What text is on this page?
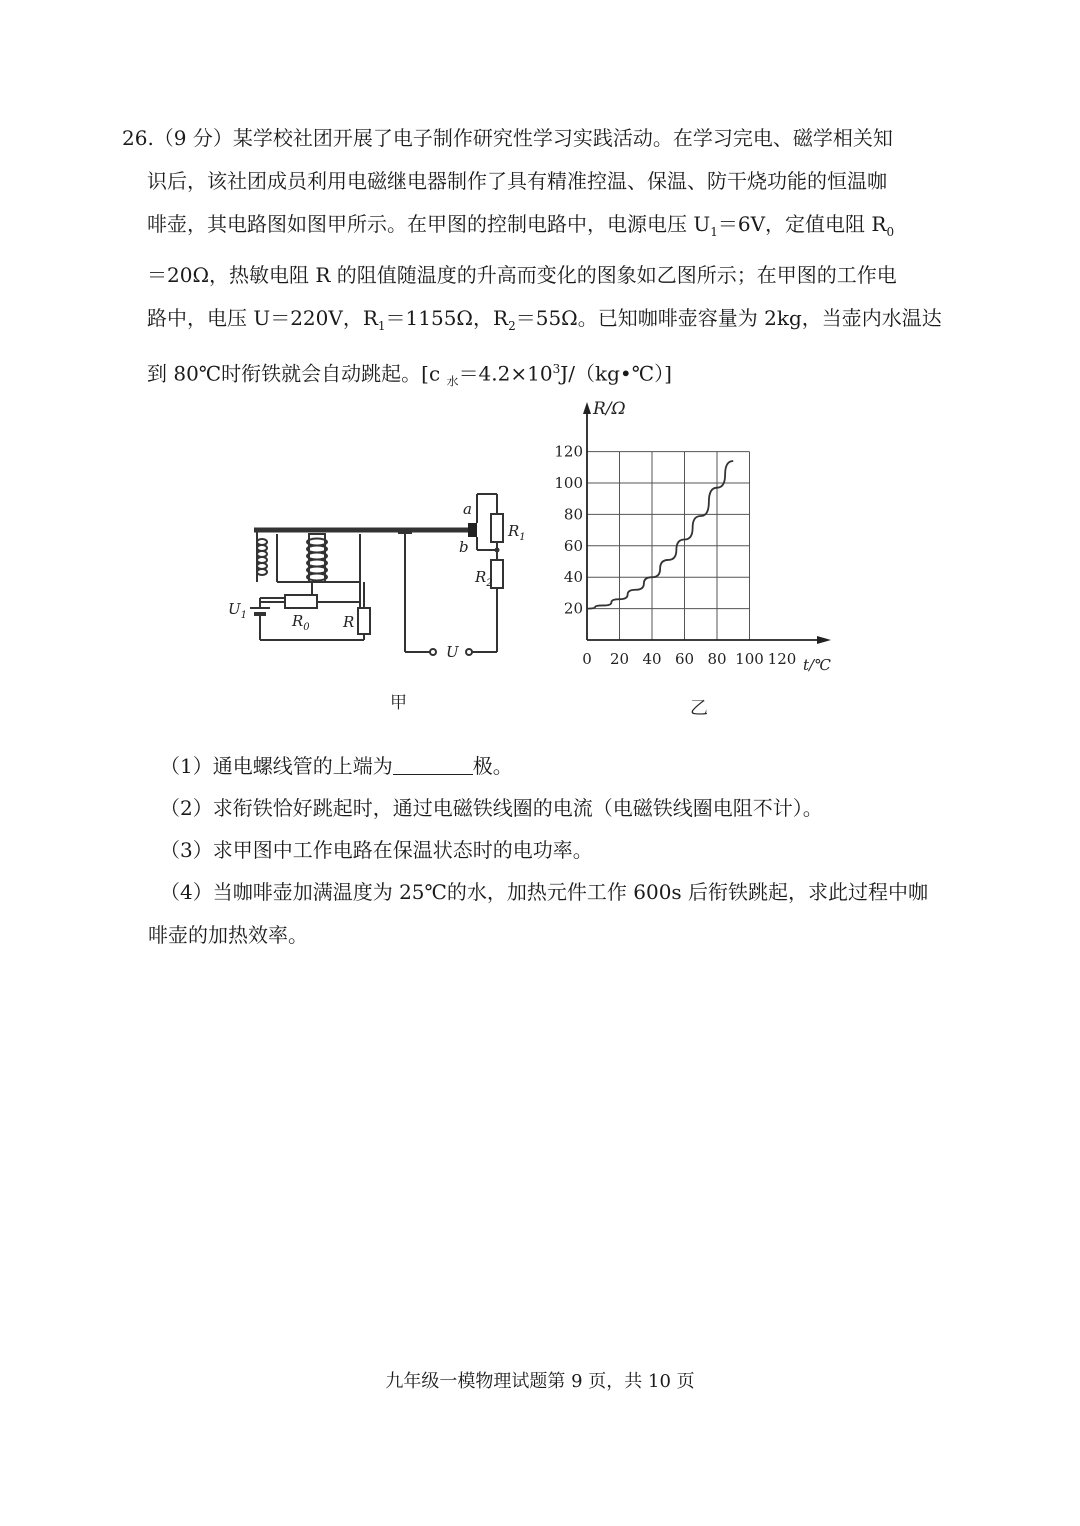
26.（9 分）某学校社团开展了电子制作研究性学习实践活动。在学习完电、磁学相关知
识后，该社团成员利用电磁继电器制作了具有精准控温、保温、防干烧功能的恒温咖
啡壶，其电路图如图甲所示。在甲图的控制电路中，电源电压 $U_1=6V$，定值电阻 $R_0$
＝20Ω，热敏电阻 R 的阻值随温度的升高而变化的图象如乙图所示；在甲图的工作电
路中，电压 U＝220V，$R_1=1155\Omega$，$R_2=55\Omega$。已知咖啡壶容量为 2kg，当壶内水温达
到 80℃时衔铁就会自动跳起。[c $_水=4.2\times 10^3J/(kg•℃)$]
a
b
$R_1$
$R_2$
$U_1$	$R_0$ R
U
甲
0 20 40 60 80 100 120
20
40
60
80
100
120
R/Ω
t/℃
乙
（1）通电螺线管的上端为	极。
（2）求衔铁恰好跳起时，通过电磁铁线圈的电流（电磁铁线圈电阻不计）。
（3）求甲图中工作电路在保温状态时的电功率。
（4）当咖啡壶加满温度为 25℃的水，加热元件工作 600s 后衔铁跳起，求此过程中咖
啡壶的加热效率。
九年级一模物理试题第 9 页，共 10 页
